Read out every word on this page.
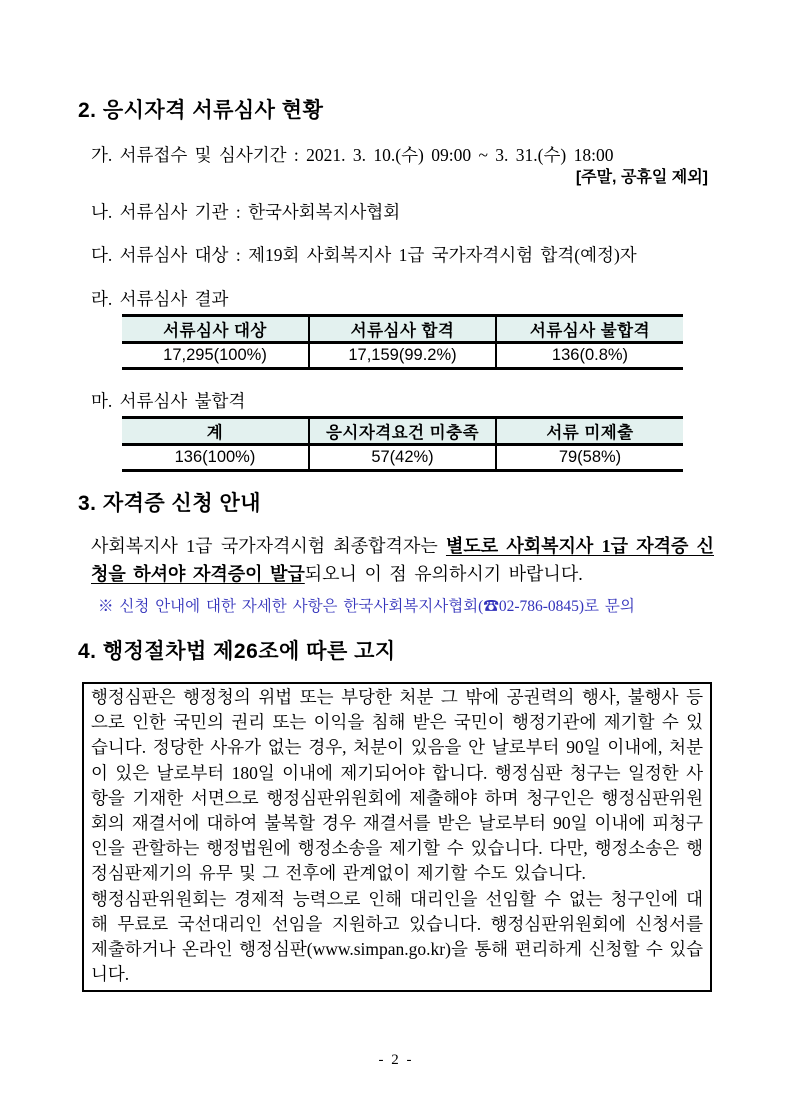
2. 응시자격 서류심사 현황
가. 서류접수 및 심사기간 : 2021. 3. 10.(수) 09:00 ~ 3. 31.(수) 18:00
[주말, 공휴일 제외]
나. 서류심사 기관 : 한국사회복지사협회
다. 서류심사 대상 : 제19회 사회복지사 1급 국가자격시험 합격(예정)자
라. 서류심사 결과
서류심사 대상	서류심사 합격	서류심사 불합격
17,295(100%)	17,159(99.2%)	136(0.8%)
마. 서류심사 불합격
계	응시자격요건 미충족	서류 미제출
136(100%)	57(42%)	79(58%)
3. 자격증 신청 안내

사회복지사 1급 국가자격시험 최종합격자는 별도로 사회복지사 1급 자격증 신청을 하셔야 자격증이 발급되오니 이 점 유의하시기 바랍니다.

※ 신청 안내에 대한 자세한 사항은 한국사회복지사협회(☎02-786-0845)로 문의
4. 행정절차법 제26조에 따른 고지

행정심판은 행정청의 위법 또는 부당한 처분 그 밖에 공권력의 행사, 불행사 등으로 인한 국민의 권리 또는 이익을 침해 받은 국민이 행정기관에 제기할 수 있습니다. 정당한 사유가 없는 경우, 처분이 있음을 안 날로부터 90일 이내에, 처분이 있은 날로부터 180일 이내에 제기되어야 합니다. 행정심판 청구는 일정한 사항을 기재한 서면으로 행정심판위원회에 제출해야 하며 청구인은 행정심판위원회의 재결서에 대하여 불복할 경우 재결서를 받은 날로부터 90일 이내에 피청구인을 관할하는 행정법원에 행정소송을 제기할 수 있습니다. 다만, 행정소송은 행정심판제기의 유무 및 그 전후에 관계없이 제기할 수도 있습니다.

행정심판위원회는 경제적 능력으로 인해 대리인을 선임할 수 없는 청구인에 대해 무료로 국선대리인 선임을 지원하고 있습니다. 행정심판위원회에 신청서를 제출하거나 온라인 행정심판(www.simpan.go.kr)을 통해 편리하게 신청할 수 있습니다.

- 2 -
